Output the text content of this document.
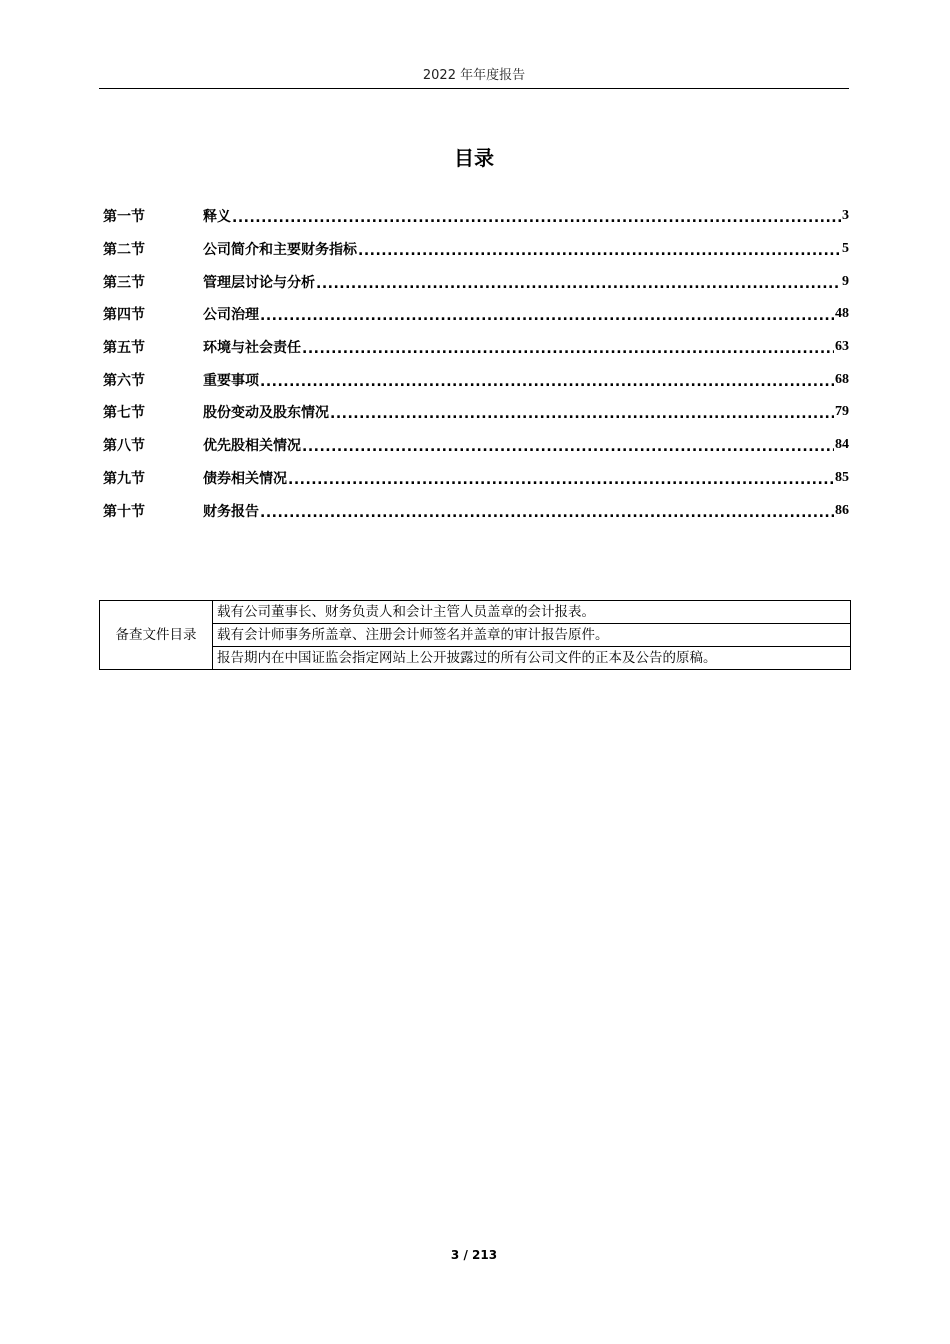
2022 年年度报告
目录
第一节	释义 .....	3
第二节	公司简介和主要财务指标 .....	5
第三节	管理层讨论与分析 .....	9
第四节	公司治理 .....	48
第五节	环境与社会责任 .....	63
第六节	重要事项 .....	68
第七节	股份变动及股东情况 .....	79
第八节	优先股相关情况 .....	84
第九节	债券相关情况 .....	85
第十节	财务报告 .....	86
备查文件目录	载有公司董事长、财务负责人和会计主管人员盖章的会计报表。
载有会计师事务所盖章、注册会计师签名并盖章的审计报告原件。
报告期内在中国证监会指定网站上公开披露过的所有公司文件的正本及公告的原稿。
3 / 213
